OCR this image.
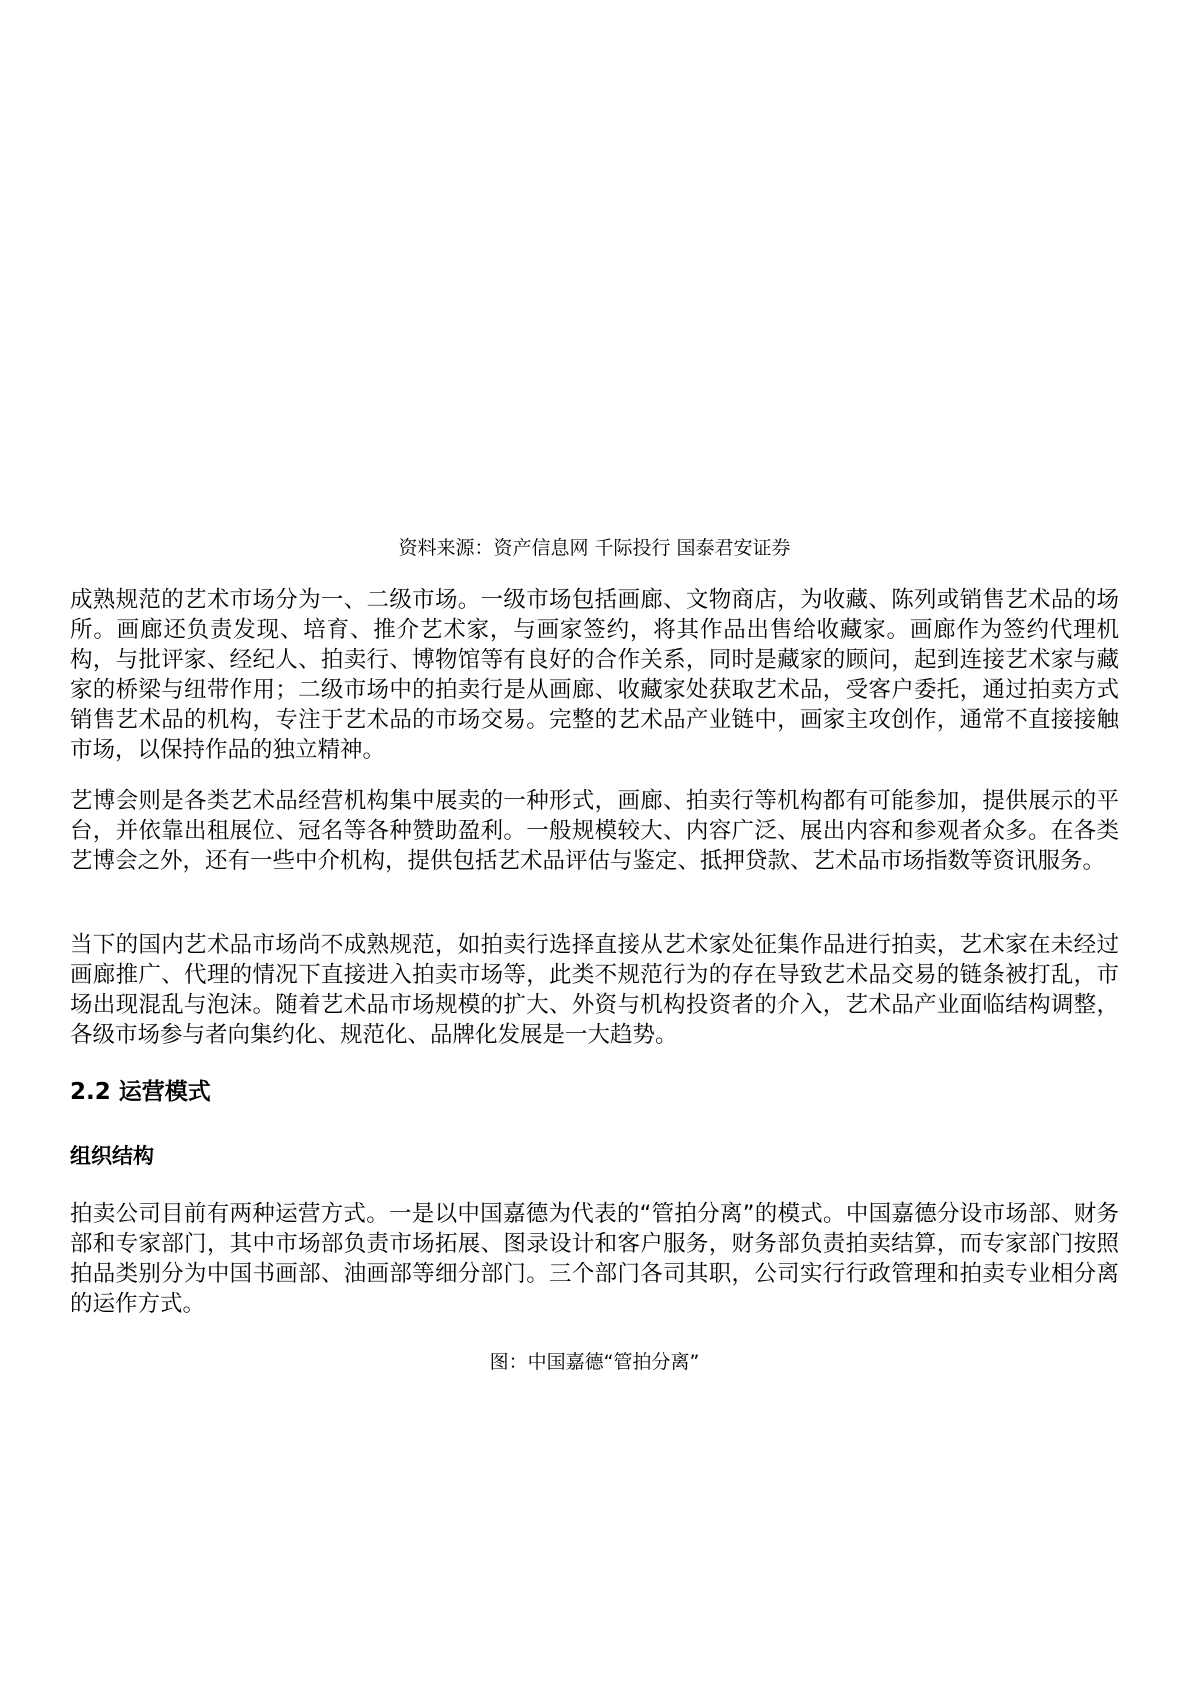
资料来源：资产信息网 千际投行 国泰君安证券

成熟规范的艺术市场分为一、二级市场。一级市场包括画廊、文物商店，为收藏、陈列或销售艺术品的场所。画廊还负责发现、培育、推介艺术家，与画家签约，将其作品出售给收藏家。画廊作为签约代理机构，与批评家、经纪人、拍卖行、博物馆等有良好的合作关系，同时是藏家的顾问，起到连接艺术家与藏家的桥梁与纽带作用；二级市场中的拍卖行是从画廊、收藏家处获取艺术品，受客户委托，通过拍卖方式销售艺术品的机构，专注于艺术品的市场交易。完整的艺术品产业链中，画家主攻创作，通常不直接接触市场，以保持作品的独立精神。

艺博会则是各类艺术品经营机构集中展卖的一种形式，画廊、拍卖行等机构都有可能参加，提供展示的平台，并依靠出租展位、冠名等各种赞助盈利。一般规模较大、内容广泛、展出内容和参观者众多。在各类艺博会之外，还有一些中介机构，提供包括艺术品评估与鉴定、抵押贷款、艺术品市场指数等资讯服务。

当下的国内艺术品市场尚不成熟规范，如拍卖行选择直接从艺术家处征集作品进行拍卖，艺术家在未经过画廊推广、代理的情况下直接进入拍卖市场等，此类不规范行为的存在导致艺术品交易的链条被打乱，市场出现混乱与泡沫。随着艺术品市场规模的扩大、外资与机构投资者的介入，艺术品产业面临结构调整，各级市场参与者向集约化、规范化、品牌化发展是一大趋势。

2.2 运营模式
组织结构

拍卖公司目前有两种运营方式。一是以中国嘉德为代表的“管拍分离”的模式。中国嘉德分设市场部、财务部和专家部门，其中市场部负责市场拓展、图录设计和客户服务，财务部负责拍卖结算，而专家部门按照拍品类别分为中国书画部、油画部等细分部门。三个部门各司其职，公司实行行政管理和拍卖专业相分离的运作方式。

图：中国嘉德“管拍分离”
